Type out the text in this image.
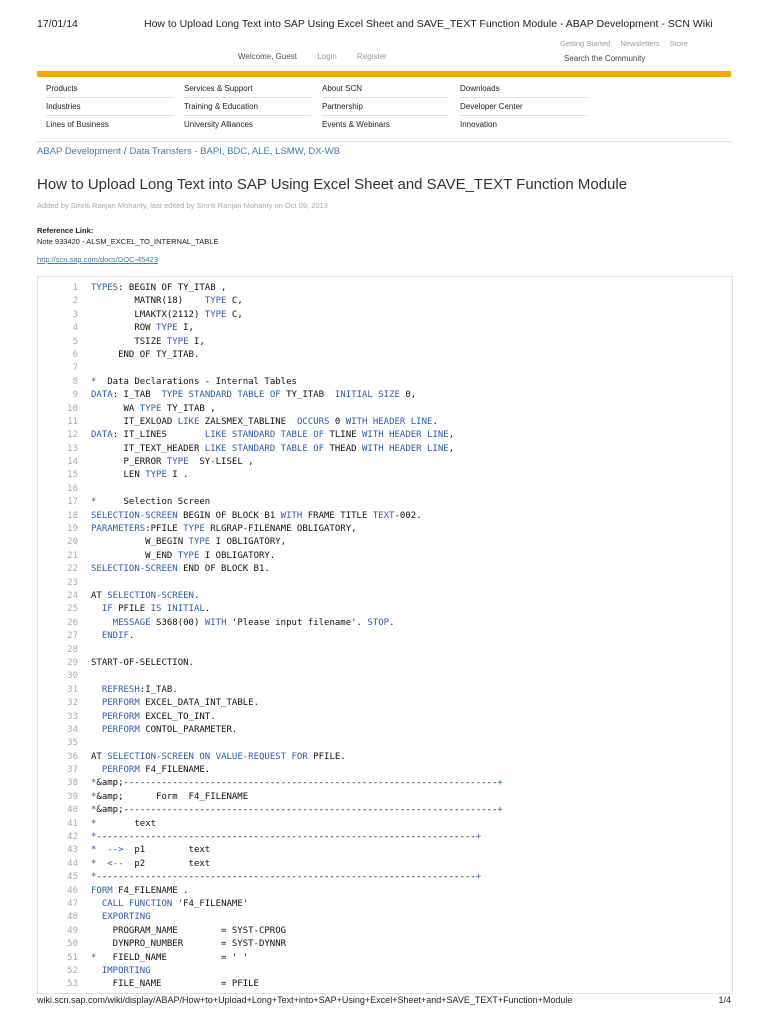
17/01/14	How to Upload Long Text into SAP Using Excel Sheet and SAVE_TEXT Function Module - ABAP Development - SCN Wiki
Getting Started Newsletters Store
Welcome, Guest	Login	Register	Search the Community
Products	Services & Support	About SCN	Downloads
Industries	Training & Education	Partnership	Developer Center
Lines of Business	University Alliances	Events & Webinars	Innovation
ABAP Development / Data Transfers - BAPI, BDC, ALE, LSMW, DX-WB
How to Upload Long Text into SAP Using Excel Sheet and SAVE_TEXT Function Module
Added by Smriti Ranjan Mohanty, last edited by Smriti Ranjan Mohanty on Oct 09, 2013
Reference Link:
Note 933420 - ALSM_EXCEL_TO_INTERNAL_TABLE
http://scn.sap.com/docs/DOC-45423
1 TYPES: BEGIN OF TY_ITAB ,
2 MATNR(18)    TYPE C,
3 LMAKTX(2112) TYPE C,
4 ROW TYPE I,
5 TSIZE TYPE I,
6 END OF TY_ITAB.
7
8 *  Data Declarations - Internal Tables
9 DATA: I_TAB  TYPE STANDARD TABLE OF TY_ITAB  INITIAL SIZE 0,
10 WA TYPE TY_ITAB ,
11 IT_EXLOAD LIKE ZALSMEX_TABLINE  OCCURS 0 WITH HEADER LINE.
12 DATA: IT_LINES       LIKE STANDARD TABLE OF TLINE WITH HEADER LINE,
13 IT_TEXT_HEADER LIKE STANDARD TABLE OF THEAD WITH HEADER LINE,
14 P_ERROR TYPE  SY-LISEL ,
15 LEN TYPE I .
16
17 *     Selection Screen
18 SELECTION-SCREEN BEGIN OF BLOCK B1 WITH FRAME TITLE TEXT-002.
19 PARAMETERS:PFILE TYPE RLGRAP-FILENAME OBLIGATORY,
20 W_BEGIN TYPE I OBLIGATORY,
21 W_END TYPE I OBLIGATORY.
22 SELECTION-SCREEN END OF BLOCK B1.
23
24 AT SELECTION-SCREEN.
25	IF PFILE IS INITIAL.
26	MESSAGE S368(00) WITH 'Please input filename'. STOP.
27	ENDIF.
28
29 START-OF-SELECTION.
30
31	REFRESH:I_TAB.
32	PERFORM EXCEL_DATA_INT_TABLE.
33	PERFORM EXCEL_TO_INT.
34	PERFORM CONTOL_PARAMETER.
35
36 AT SELECTION-SCREEN ON VALUE-REQUEST FOR PFILE.
37	PERFORM F4_FILENAME.
38 *&amp;---------------------------------------------------------------------+
39 *&amp;      Form  F4_FILENAME
40 *&amp;---------------------------------------------------------------------+
41 *       text
42 *----------------------------------------------------------------------+
43 * -->  p1        text
44 * <--  p2        text
45 *----------------------------------------------------------------------+
46 FORM F4_FILENAME .
47	CALL FUNCTION 'F4_FILENAME'
48	EXPORTING
49 PROGRAM_NAME        = SYST-CPROG
50 DYNPRO_NUMBER       = SYST-DYNNR
51 *   FIELD_NAME          = ' '
52	IMPORTING
53 FILE_NAME           = PFILE
wiki.scn.sap.com/wiki/display/ABAP/How+to+Upload+Long+Text+into+SAP+Using+Excel+Sheet+and+SAVE_TEXT+Function+Module	1/4
